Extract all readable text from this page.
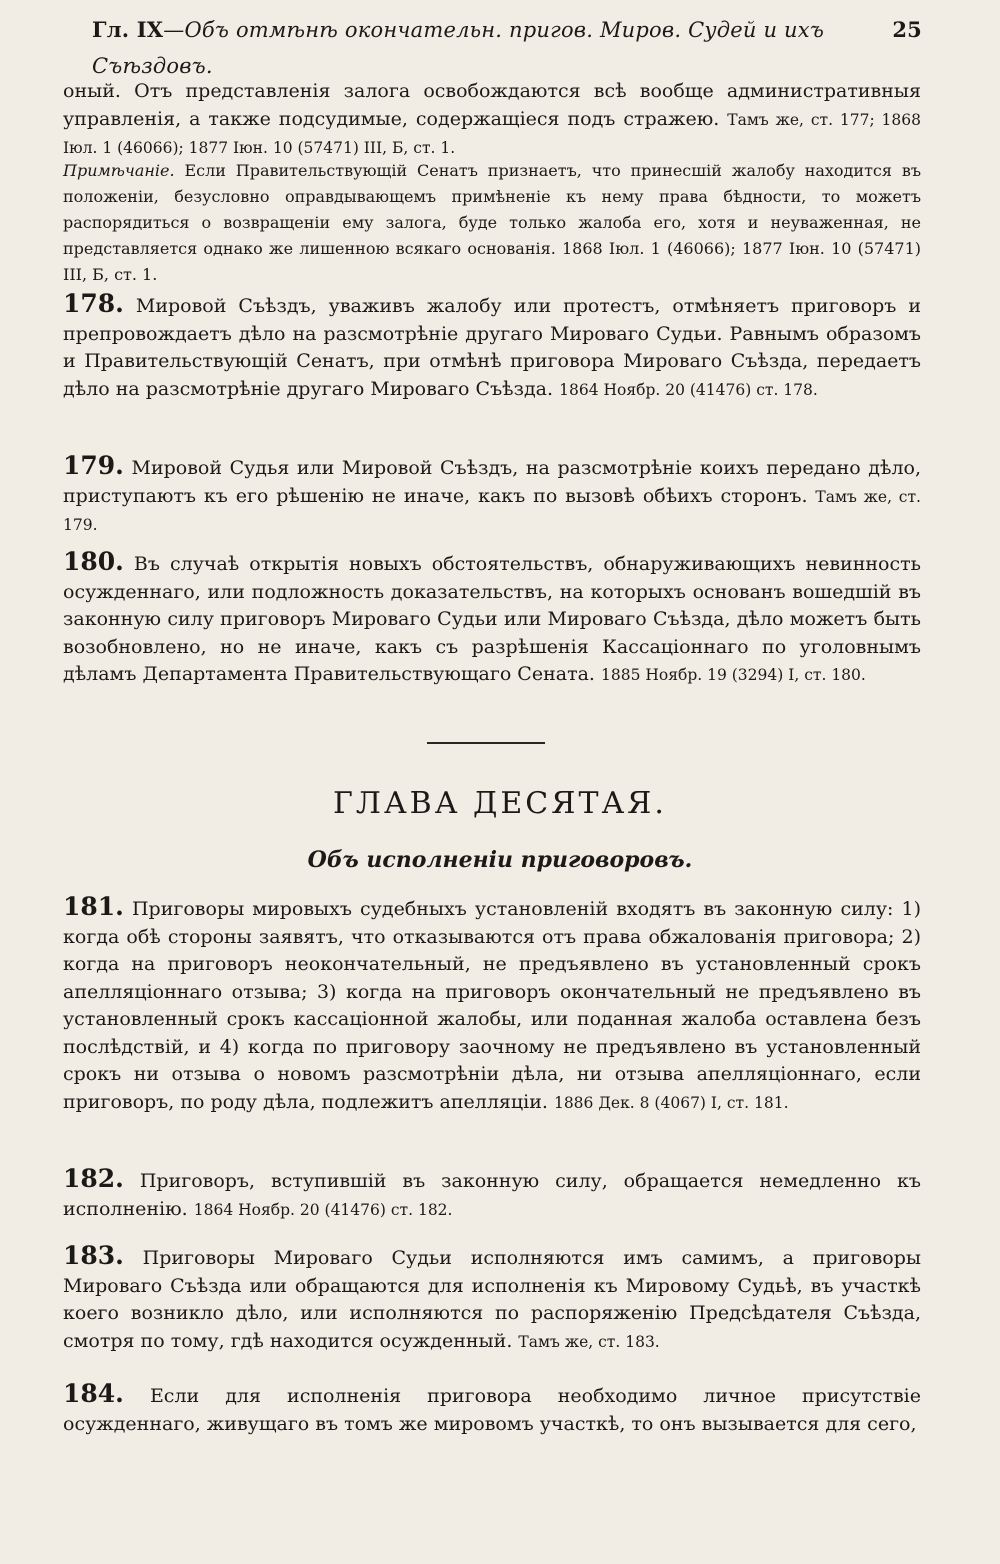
Гл. IX—Объ отмѣнѣ окончательн. пригов. Миров. Судей и ихъ Съѣздовъ.
25
оный. Отъ представленія залога освобождаются всѣ вообще административныя управленія, а также подсудимые, содержащіеся подъ стражею. Тамъ же, ст. 177; 1868 Іюл. 1 (46066); 1877 Іюн. 10 (57471) III, Б, ст. 1.
Примѣчаніе. Если Правительствующій Сенатъ признаетъ, что принесшій жалобу находится въ положеніи, безусловно оправдывающемъ примѣненіе къ нему права бѣдности, то можетъ распорядиться о возвращеніи ему залога, буде только жалоба его, хотя и неуваженная, не представляется однако же лишенною всякаго основанія. 1868 Іюл. 1 (46066); 1877 Іюн. 10 (57471) III, Б, ст. 1.
178. Мировой Съѣздъ, уваживъ жалобу или протестъ, отмѣняетъ приговоръ и препровождаетъ дѣло на разсмотрѣніе другаго Мироваго Судьи. Равнымъ образомъ и Правительствующій Сенатъ, при отмѣнѣ приговора Мироваго Съѣзда, передаетъ дѣло на разсмотрѣніе другаго Мироваго Съѣзда. 1864 Ноябр. 20 (41476) ст. 178.
179. Мировой Судья или Мировой Съѣздъ, на разсмотрѣніе коихъ передано дѣло, приступаютъ къ его рѣшенію не иначе, какъ по вызовѣ обѣихъ сторонъ. Тамъ же, ст. 179.
180. Въ случаѣ открытія новыхъ обстоятельствъ, обнаруживающихъ невинность осужденнаго, или подложность доказательствъ, на которыхъ основанъ вошедшій въ законную силу приговоръ Мироваго Судьи или Мироваго Съѣзда, дѣло можетъ быть возобновлено, но не иначе, какъ съ разрѣшенія Кассаціоннаго по уголовнымъ дѣламъ Департамента Правительствующаго Сената. 1885 Ноябр. 19 (3294) I, ст. 180.
ГЛАВА ДЕСЯТАЯ.
Объ исполненіи приговоровъ.
181. Приговоры мировыхъ судебныхъ установленій входятъ въ законную силу: 1) когда обѣ стороны заявятъ, что отказываются отъ права обжалованія приговора; 2) когда на приговоръ неокончательный, не предъявлено въ установленный срокъ апелляціоннаго отзыва; 3) когда на приговоръ окончательный не предъявлено въ установленный срокъ кассаціонной жалобы, или поданная жалоба оставлена безъ послѣдствій, и 4) когда по приговору заочному не предъявлено въ установленный срокъ ни отзыва о новомъ разсмотрѣніи дѣла, ни отзыва апелляціоннаго, если приговоръ, по роду дѣла, подлежитъ апелляціи. 1886 Дек. 8 (4067) I, ст. 181.
182. Приговоръ, вступившій въ законную силу, обращается немедленно къ исполненію. 1864 Ноябр. 20 (41476) ст. 182.
183. Приговоры Мироваго Судьи исполняются имъ самимъ, а приговоры Мироваго Съѣзда или обращаются для исполненія къ Мировому Судьѣ, въ участкѣ коего возникло дѣло, или исполняются по распоряженію Предсѣдателя Съѣзда, смотря по тому, гдѣ находится осужденный. Тамъ же, ст. 183.
184. Если для исполненія приговора необходимо личное присутствіе осужденнаго, живущаго въ томъ же мировомъ участкѣ, то онъ вызывается для сего,
